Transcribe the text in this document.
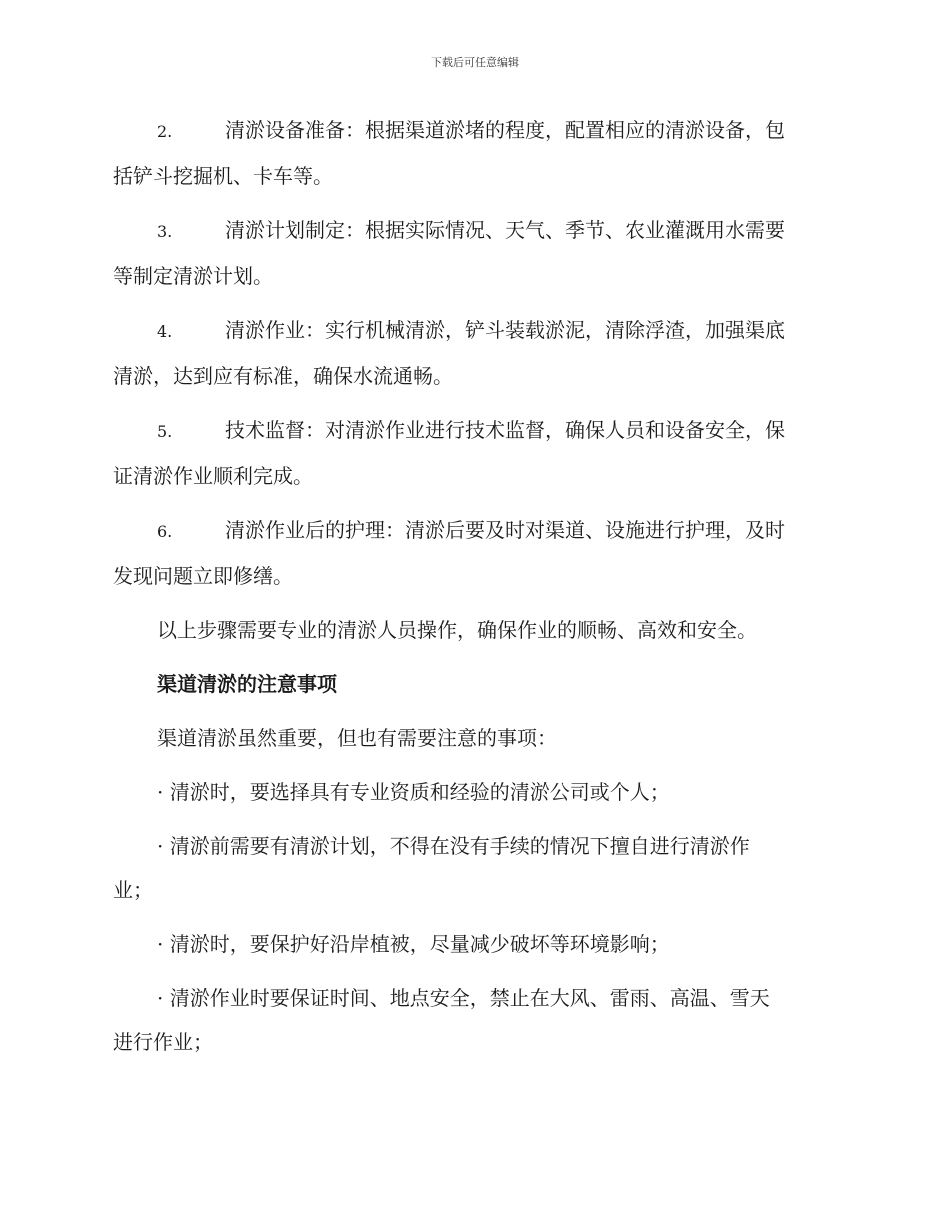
下载后可任意编辑
2.	清淤设备准备：根据渠道淤堵的程度，配置相应的清淤设备，包
括铲斗挖掘机、卡车等。
3.	清淤计划制定：根据实际情况、天气、季节、农业灌溉用水需要
等制定清淤计划。
4.	清淤作业：实行机械清淤，铲斗装载淤泥，清除浮渣，加强渠底
清淤，达到应有标准，确保水流通畅。
5.	技术监督：对清淤作业进行技术监督，确保人员和设备安全，保
证清淤作业顺利完成。
6.	清淤作业后的护理：清淤后要及时对渠道、设施进行护理，及时
发现问题立即修缮。

以上步骤需要专业的清淤人员操作，确保作业的顺畅、高效和安全。

渠道清淤的注意事项

渠道清淤虽然重要，但也有需要注意的事项：

· 清淤时，要选择具有专业资质和经验的清淤公司或个人；
· 清淤前需要有清淤计划，不得在没有手续的情况下擅自进行清淤作
业；
· 清淤时，要保护好沿岸植被，尽量减少破坏等环境影响；
· 清淤作业时要保证时间、地点安全，禁止在大风、雷雨、高温、雪天
进行作业；
